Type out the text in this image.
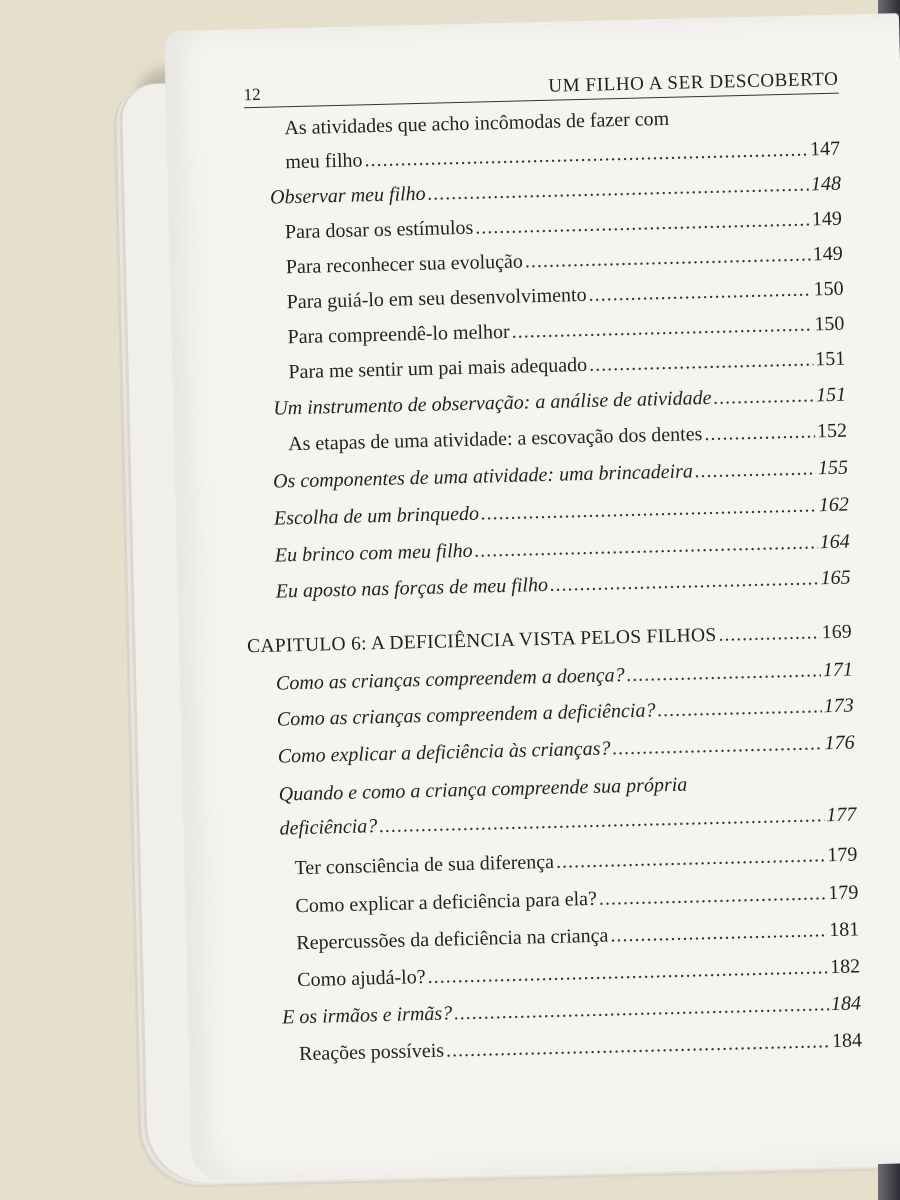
12	UM FILHO A SER DESCOBERTO
As atividades que acho incômodas de fazer com
meu filho
.....
147
Observar meu filho .....	148
Para dosar os estímulos .....	149
Para reconhecer sua evolução .....	149
Para guiá-lo em seu desenvolvimento .....	150
Para compreendê-lo melhor .....	150
Para me sentir um pai mais adequado .....	151
Um instrumento de observação: a análise de atividade .....	151
As etapas de uma atividade: a escovação dos dentes .....	152
Os componentes de uma atividade: uma brincadeira .....	155
Escolha de um brinquedo .....	162
Eu brinco com meu filho .....	164
Eu aposto nas forças de meu filho .....	165
CAPITULO 6: A DEFICIÊNCIA VISTA PELOS FILHOS .....	169
Como as crianças compreendem a doença? .....	171
Como as crianças compreendem a deficiência? .....	173
Como explicar a deficiência às crianças? .....	176
Quando e como a criança compreende sua própria
deficiência?
.....
177
Ter consciência de sua diferença .....	179
Como explicar a deficiência para ela? .....	179
Repercussões da deficiência na criança .....	181
Como ajudá-lo? .....	182
E os irmãos e irmãs? .....	184
Reações possíveis .....	184
